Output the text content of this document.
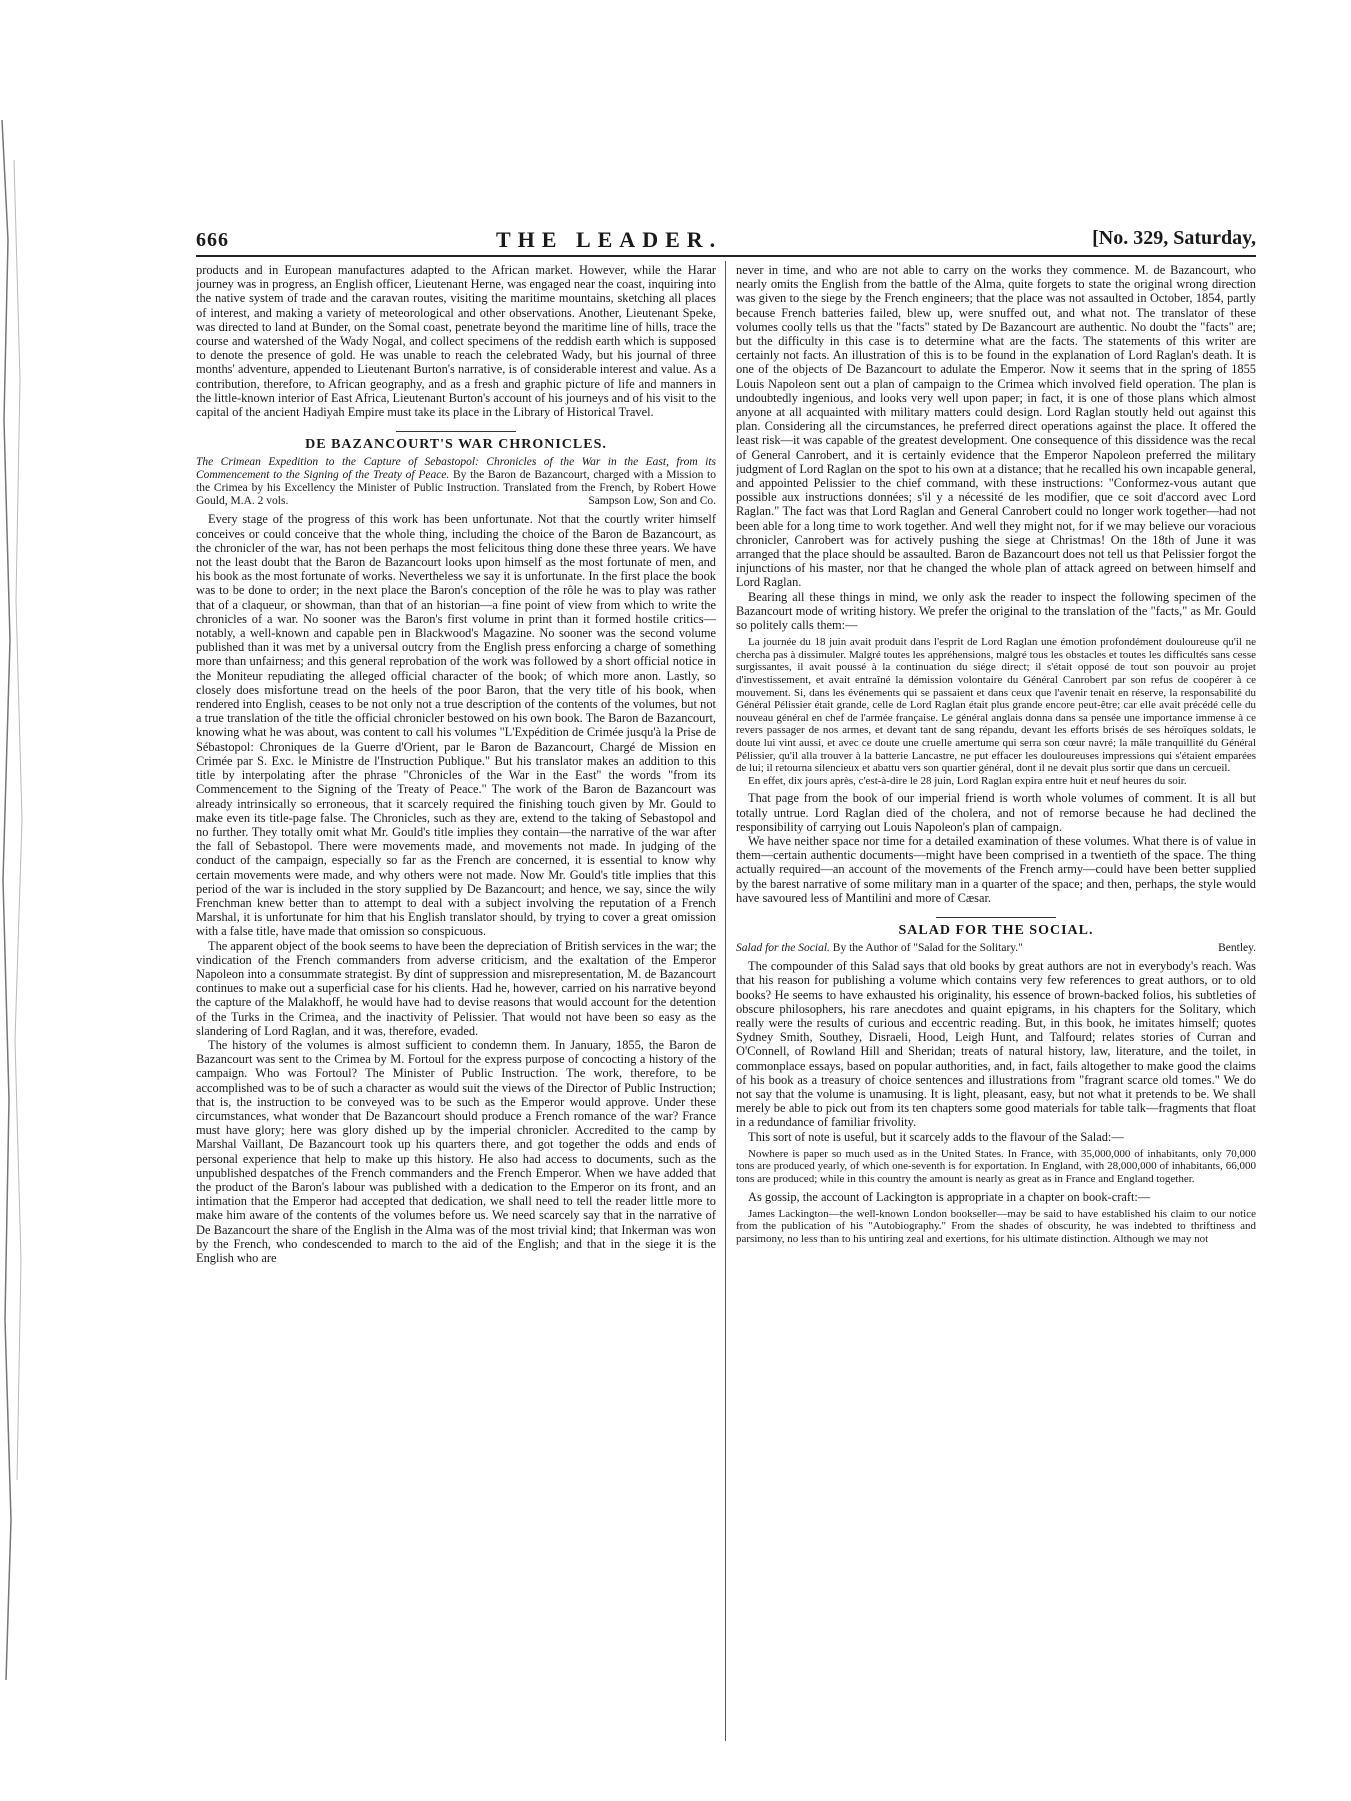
666	THE LEADER.	[No. 329, Saturday,

products and in European manufactures adapted to the African market. However, while the Harar journey was in progress, an English officer, Lieutenant Herne, was engaged near the coast, inquiring into the native system of trade and the caravan routes, visiting the maritime mountains, sketching all places of interest, and making a variety of meteorological and other observations. Another, Lieutenant Speke, was directed to land at Bunder, on the Somal coast, penetrate beyond the maritime line of hills, trace the course and watershed of the Wady Nogal, and collect specimens of the reddish earth which is supposed to denote the presence of gold. He was unable to reach the celebrated Wady, but his journal of three months' adventure, appended to Lieutenant Burton's narrative, is of considerable interest and value. As a contribution, therefore, to African geography, and as a fresh and graphic picture of life and manners in the little-known interior of East Africa, Lieutenant Burton's account of his journeys and of his visit to the capital of the ancient Hadiyah Empire must take its place in the Library of Historical Travel.

DE BAZANCOURT'S WAR CHRONICLES.
The Crimean Expedition to the Capture of Sebastopol: Chronicles of the War in the East, from its Commencement to the Signing of the Treaty of Peace. By the Baron de Bazancourt, charged with a Mission to the Crimea by his Excellency the Minister of Public Instruction. Translated from the French, by Robert Howe Gould, M.A. 2 vols.	Sampson Low, Son and Co.

Every stage of the progress of this work has been unfortunate. Not that the courtly writer himself conceives or could conceive that the whole thing, including the choice of the Baron de Bazancourt, as the chronicler of the war, has not been perhaps the most felicitous thing done these three years. We have not the least doubt that the Baron de Bazancourt looks upon himself as the most fortunate of men, and his book as the most fortunate of works. Nevertheless we say it is unfortunate. In the first place the book was to be done to order; in the next place the Baron's conception of the rôle he was to play was rather that of a claqueur, or showman, than that of an historian—a fine point of view from which to write the chronicles of a war. No sooner was the Baron's first volume in print than it formed hostile critics—notably, a well-known and capable pen in Blackwood's Magazine. No sooner was the second volume published than it was met by a universal outcry from the English press enforcing a charge of something more than unfairness; and this general reprobation of the work was followed by a short official notice in the Moniteur repudiating the alleged official character of the book; of which more anon. Lastly, so closely does misfortune tread on the heels of the poor Baron, that the very title of his book, when rendered into English, ceases to be not only not a true description of the contents of the volumes, but not a true translation of the title the official chronicler bestowed on his own book. The Baron de Bazancourt, knowing what he was about, was content to call his volumes "L'Expédition de Crimée jusqu'à la Prise de Sébastopol: Chroniques de la Guerre d'Orient, par le Baron de Bazancourt, Chargé de Mission en Crimée par S. Exc. le Ministre de l'Instruction Publique." But his translator makes an addition to this title by interpolating after the phrase "Chronicles of the War in the East" the words "from its Commencement to the Signing of the Treaty of Peace." The work of the Baron de Bazancourt was already intrinsically so erroneous, that it scarcely required the finishing touch given by Mr. Gould to make even its title-page false. The Chronicles, such as they are, extend to the taking of Sebastopol and no further. They totally omit what Mr. Gould's title implies they contain—the narrative of the war after the fall of Sebastopol. There were movements made, and movements not made. In judging of the conduct of the campaign, especially so far as the French are concerned, it is essential to know why certain movements were made, and why others were not made. Now Mr. Gould's title implies that this period of the war is included in the story supplied by De Bazancourt; and hence, we say, since the wily Frenchman knew better than to attempt to deal with a subject involving the reputation of a French Marshal, it is unfortunate for him that his English translator should, by trying to cover a great omission with a false title, have made that omission so conspicuous.

The apparent object of the book seems to have been the depreciation of British services in the war; the vindication of the French commanders from adverse criticism, and the exaltation of the Emperor Napoleon into a consummate strategist. By dint of suppression and misrepresentation, M. de Bazancourt continues to make out a superficial case for his clients. Had he, however, carried on his narrative beyond the capture of the Malakhoff, he would have had to devise reasons that would account for the detention of the Turks in the Crimea, and the inactivity of Pelissier. That would not have been so easy as the slandering of Lord Raglan, and it was, therefore, evaded.

The history of the volumes is almost sufficient to condemn them. In January, 1855, the Baron de Bazancourt was sent to the Crimea by M. Fortoul for the express purpose of concocting a history of the campaign. Who was Fortoul? The Minister of Public Instruction. The work, therefore, to be accomplished was to be of such a character as would suit the views of the Director of Public Instruction; that is, the instruction to be conveyed was to be such as the Emperor would approve. Under these circumstances, what wonder that De Bazancourt should produce a French romance of the war? France must have glory; here was glory dished up by the imperial chronicler. Accredited to the camp by Marshal Vaillant, De Bazancourt took up his quarters there, and got together the odds and ends of personal experience that help to make up this history. He also had access to documents, such as the unpublished despatches of the French commanders and the French Emperor. When we have added that the product of the Baron's labour was published with a dedication to the Emperor on its front, and an intimation that the Emperor had accepted that dedication, we shall need to tell the reader little more to make him aware of the contents of the volumes before us. We need scarcely say that in the narrative of De Bazancourt the share of the English in the Alma was of the most trivial kind; that Inkerman was won by the French, who condescended to march to the aid of the English; and that in the siege it is the English who are

never in time, and who are not able to carry on the works they commence. M. de Bazancourt, who nearly omits the English from the battle of the Alma, quite forgets to state the original wrong direction was given to the siege by the French engineers; that the place was not assaulted in October, 1854, partly because French batteries failed, blew up, were snuffed out, and what not. The translator of these volumes coolly tells us that the "facts" stated by De Bazancourt are authentic. No doubt the "facts" are; but the difficulty in this case is to determine what are the facts. The statements of this writer are certainly not facts. An illustration of this is to be found in the explanation of Lord Raglan's death. It is one of the objects of De Bazancourt to adulate the Emperor. Now it seems that in the spring of 1855 Louis Napoleon sent out a plan of campaign to the Crimea which involved field operation. The plan is undoubtedly ingenious, and looks very well upon paper; in fact, it is one of those plans which almost anyone at all acquainted with military matters could design. Lord Raglan stoutly held out against this plan. Considering all the circumstances, he preferred direct operations against the place. It offered the least risk—it was capable of the greatest development. One consequence of this dissidence was the recal of General Canrobert, and it is certainly evidence that the Emperor Napoleon preferred the military judgment of Lord Raglan on the spot to his own at a distance; that he recalled his own incapable general, and appointed Pelissier to the chief command, with these instructions: "Conformez-vous autant que possible aux instructions données; s'il y a nécessité de les modifier, que ce soit d'accord avec Lord Raglan." The fact was that Lord Raglan and General Canrobert could no longer work together—had not been able for a long time to work together. And well they might not, for if we may believe our voracious chronicler, Canrobert was for actively pushing the siege at Christmas! On the 18th of June it was arranged that the place should be assaulted. Baron de Bazancourt does not tell us that Pelissier forgot the injunctions of his master, nor that he changed the whole plan of attack agreed on between himself and Lord Raglan.

Bearing all these things in mind, we only ask the reader to inspect the following specimen of the Bazancourt mode of writing history. We prefer the original to the translation of the "facts," as Mr. Gould so politely calls them:—

La journée du 18 juin avait produit dans l'esprit de Lord Raglan une émotion profondément douloureuse qu'il ne chercha pas à dissimuler. Malgré toutes les appréhensions, malgré tous les obstacles et toutes les difficultés sans cesse surgissantes, il avait poussé à la continuation du siége direct; il s'était opposé de tout son pouvoir au projet d'investissement, et avait entraîné la démission volontaire du Général Canrobert par son refus de coopérer à ce mouvement. Si, dans les événements qui se passaient et dans ceux que l'avenir tenait en réserve, la responsabilité du Général Pélissier était grande, celle de Lord Raglan était plus grande encore peut-être; car elle avait précédé celle du nouveau général en chef de l'armée française. Le général anglais donna dans sa pensée une importance immense à ce revers passager de nos armes, et devant tant de sang répandu, devant les efforts brisés de ses héroïques soldats, le doute lui vint aussi, et avec ce doute une cruelle amertume qui serra son cœur navré; la mâle tranquillité du Général Pélissier, qu'il alla trouver à la batterie Lancastre, ne put effacer les douloureuses impressions qui s'étaient emparées de lui; il retourna silencieux et abattu vers son quartier général, dont il ne devait plus sortir que dans un cercueil.

En effet, dix jours après, c'est-à-dire le 28 juin, Lord Raglan expira entre huit et neuf heures du soir.

That page from the book of our imperial friend is worth whole volumes of comment. It is all but totally untrue. Lord Raglan died of the cholera, and not of remorse because he had declined the responsibility of carrying out Louis Napoleon's plan of campaign.

We have neither space nor time for a detailed examination of these volumes. What there is of value in them—certain authentic documents—might have been comprised in a twentieth of the space. The thing actually required—an account of the movements of the French army—could have been better supplied by the barest narrative of some military man in a quarter of the space; and then, perhaps, the style would have savoured less of Mantilini and more of Cæsar.

SALAD FOR THE SOCIAL.
Salad for the Social. By the Author of "Salad for the Solitary."	Bentley.

The compounder of this Salad says that old books by great authors are not in everybody's reach. Was that his reason for publishing a volume which contains very few references to great authors, or to old books? He seems to have exhausted his originality, his essence of brown-backed folios, his subtleties of obscure philosophers, his rare anecdotes and quaint epigrams, in his chapters for the Solitary, which really were the results of curious and eccentric reading. But, in this book, he imitates himself; quotes Sydney Smith, Southey, Disraeli, Hood, Leigh Hunt, and Talfourd; relates stories of Curran and O'Connell, of Rowland Hill and Sheridan; treats of natural history, law, literature, and the toilet, in commonplace essays, based on popular authorities, and, in fact, fails altogether to make good the claims of his book as a treasury of choice sentences and illustrations from "fragrant scarce old tomes." We do not say that the volume is unamusing. It is light, pleasant, easy, but not what it pretends to be. We shall merely be able to pick out from its ten chapters some good materials for table talk—fragments that float in a redundance of familiar frivolity.

This sort of note is useful, but it scarcely adds to the flavour of the Salad:—

Nowhere is paper so much used as in the United States. In France, with 35,000,000 of inhabitants, only 70,000 tons are produced yearly, of which one-seventh is for exportation. In England, with 28,000,000 of inhabitants, 66,000 tons are produced; while in this country the amount is nearly as great as in France and England together.

As gossip, the account of Lackington is appropriate in a chapter on book-craft:—

James Lackington—the well-known London bookseller—may be said to have established his claim to our notice from the publication of his "Autobiography." From the shades of obscurity, he was indebted to thriftiness and parsimony, no less than to his untiring zeal and exertions, for his ultimate distinction. Although we may not
